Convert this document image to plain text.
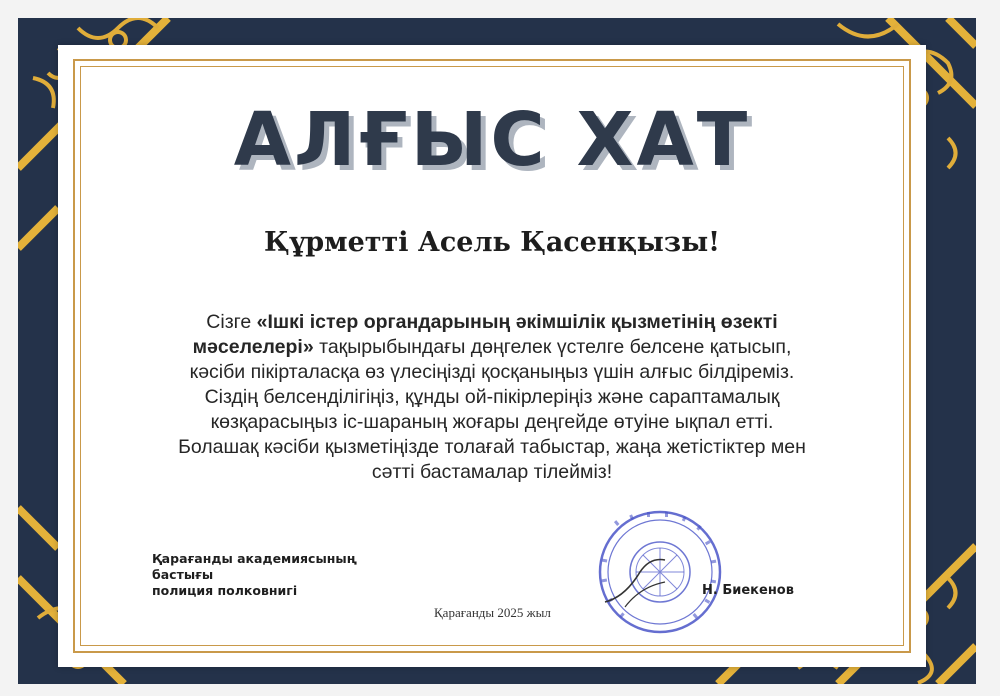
АЛҒЫС ХАТ
Құрметті Асель Қасенқызы!
Сізге «Ішкі істер органдарының әкімшілік қызметінің өзекті
мәселелері» тақырыбындағы дөңгелек үстелге белсене қатысып,
кәсіби пікірталасқа өз үлесіңізді қосқаныңыз үшін алғыс білдіреміз.
Сіздің белсенділігіңіз, құнды ой-пікірлеріңіз және сараптамалық
көзқарасыңыз іс-шараның жоғары деңгейде өтуіне ықпал етті.
Болашақ кәсіби қызметіңізде толағай табыстар, жаңа жетістіктер мен
сәтті бастамалар тілейміз!
Қарағанды академиясының
бастығы
полиция полковнигі
Қарағанды 2025 жыл
Н. Биекенов
